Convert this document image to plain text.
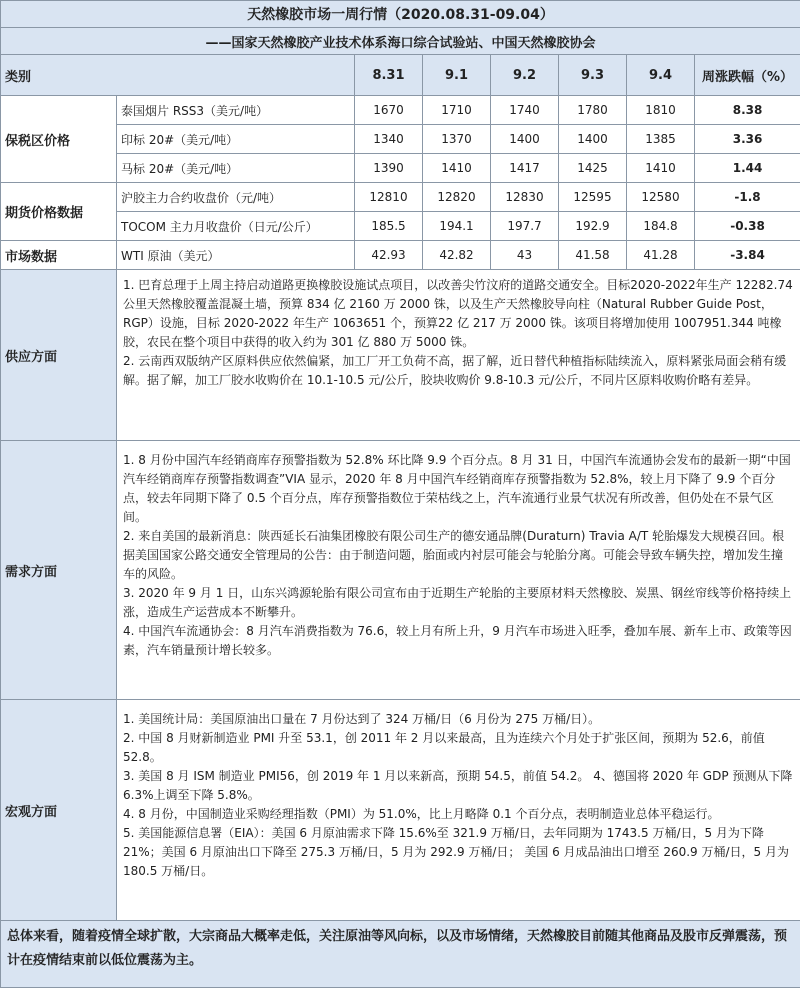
天然橡胶市场一周行情（2020.08.31-09.04）							
——国家天然橡胶产业技术体系海口综合试验站、中国天然橡胶协会							
类别		8.31	9.1	9.2	9.3	9.4	周涨跌幅（%）
保税区价格	泰国烟片 RSS3（美元/吨）	1670	1710	1740	1780	1810	8.38
	印标 20#（美元/吨）	1340	1370	1400	1400	1385	3.36
	马标 20#（美元/吨）	1390	1410	1417	1425	1410	1.44
期货价格数据	沪胶主力合约收盘价（元/吨）	12810	12820	12830	12595	12580	-1.8
	TOCOM 主力月收盘价（日元/公斤）	185.5	194.1	197.7	192.9	184.8	-0.38
市场数据	WTI 原油（美元）	42.93	42.82	43	41.58	41.28	-3.84
供应方面	1. 巴育总理于上周主持启动道路更换橡胶设施试点项目，以改善尖竹汶府的道路交通安全。目标2020-2022年生产 12282.74 公里天然橡胶覆盖混凝土墙，预算 834 亿 2160 万 2000 铢，以及生产天然橡胶导向柱（Natural Rubber Guide Post，RGP）设施，目标 2020-2022 年生产 1063651 个，预算22 亿 217 万 2000 铢。该项目将增加使用 1007951.344 吨橡胶，农民在整个项目中获得的收入约为 301 亿 880 万 5000 铢。

2. 云南西双版纳产区原料供应依然偏紧，加工厂开工负荷不高，据了解，近日替代种植指标陆续流入，原料紧张局面会稍有缓解。据了解，加工厂胶水收购价在 10.1-10.5 元/公斤，胶块收购价 9.8-10.3 元/公斤，不同片区原料收购价略有差异。						

需求方面	1. 8 月份中国汽车经销商库存预警指数为 52.8% 环比降 9.9 个百分点。8 月 31 日，中国汽车流通协会发布的最新一期“中国汽车经销商库存预警指数调查”VIA 显示，2020 年 8 月中国汽车经销商库存预警指数为 52.8%，较上月下降了 9.9 个百分点，较去年同期下降了 0.5 个百分点，库存预警指数位于荣枯线之上，汽车流通行业景气状况有所改善，但仍处在不景气区间。

2. 来自美国的最新消息：陕西延长石油集团橡胶有限公司生产的德安通品牌(Duraturn) Travia A/T 轮胎爆发大规模召回。根据美国国家公路交通安全管理局的公告：由于制造问题，胎面或内衬层可能会与轮胎分离。可能会导致车辆失控，增加发生撞车的风险。

3. 2020 年 9 月 1 日，山东兴鸿源轮胎有限公司宣布由于近期生产轮胎的主要原材料天然橡胶、炭黑、钢丝帘线等价格持续上涨，造成生产运营成本不断攀升。

4. 中国汽车流通协会：8 月汽车消费指数为 76.6，较上月有所上升，9 月汽车市场进入旺季，叠加车展、新车上市、政策等因素，汽车销量预计增长较多。						

宏观方面	1. 美国统计局：美国原油出口量在 7 月份达到了 324 万桶/日（6 月份为 275 万桶/日）。

2. 中国 8 月财新制造业 PMI 升至 53.1，创 2011 年 2 月以来最高，且为连续六个月处于扩张区间，预期为 52.6，前值 52.8。

3. 美国 8 月 ISM 制造业 PMI56，创 2019 年 1 月以来新高，预期 54.5，前值 54.2。 4、德国将 2020 年 GDP 预测从下降 6.3%上调至下降 5.8%。

4. 8 月份，中国制造业采购经理指数（PMI）为 51.0%，比上月略降 0.1 个百分点，表明制造业总体平稳运行。

5. 美国能源信息署（EIA）：美国 6 月原油需求下降 15.6%至 321.9 万桶/日，去年同期为 1743.5 万桶/日，5 月为下降 21%；美国 6 月原油出口下降至 275.3 万桶/日，5 月为 292.9 万桶/日； 美国 6 月成品油出口增至 260.9 万桶/日，5 月为 180.5 万桶/日。						

总体来看，随着疫情全球扩散，大宗商品大概率走低，关注原油等风向标，以及市场情绪，天然橡胶目前随其他商品及股市反弹震荡，预计在疫情结束前以低位震荡为主。							
